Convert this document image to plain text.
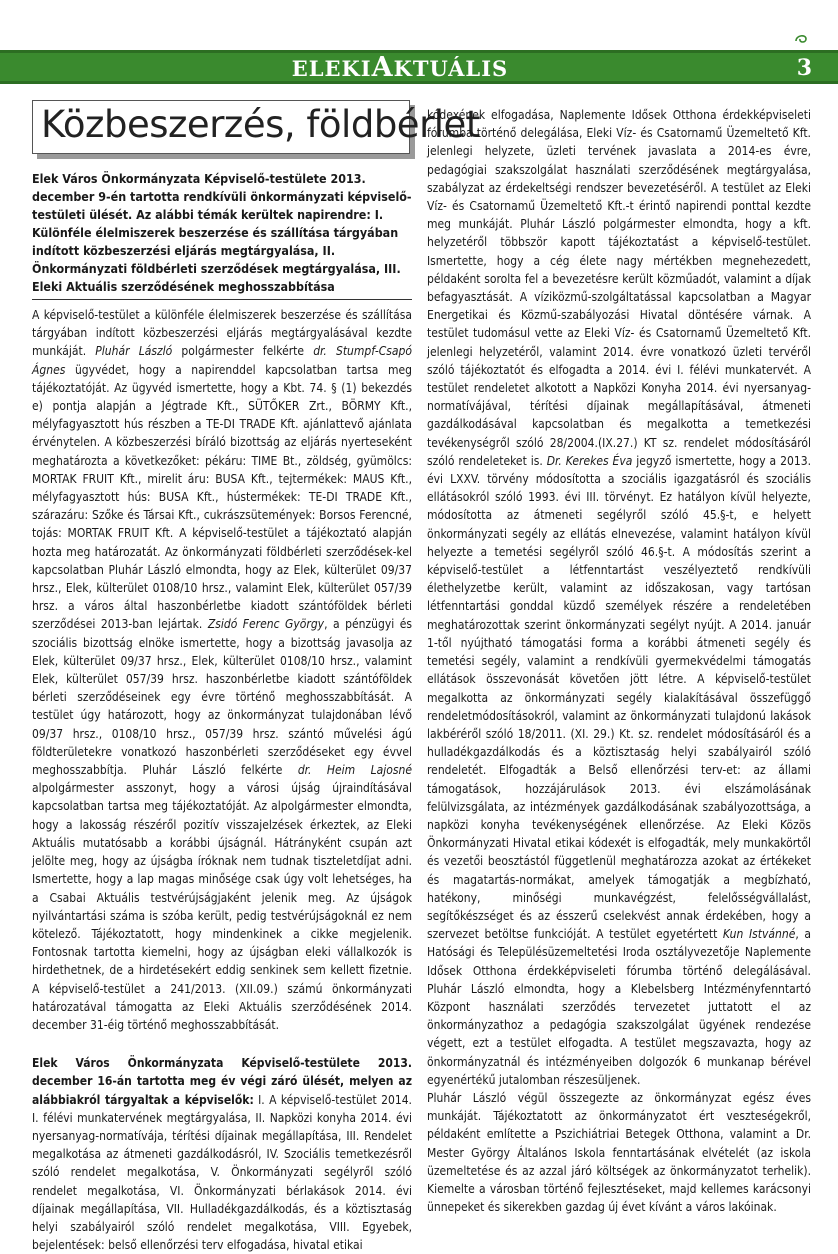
ELEKIAKTUÁLIS	3
Közbeszerzés, földbérlet

Elek Város Önkormányzata Képviselő-testülete 2013. december 9-én tartotta rendkívüli önkormányzati képviselő-testületi ülését. Az alábbi témák kerültek napirendre: I. Különféle élelmiszerek beszerzése és szállítása tárgyában indított közbeszerzési eljárás megtárgyalása, II. Önkormányzati földbérleti szerződések megtárgyalása, III. Eleki Aktuális szerződésének meghosszabbítása

A képviselő-testület a különféle élelmiszerek beszerzése és szállítása tárgyában indított közbeszerzési eljárás megtárgyalásával kezdte munkáját. Pluhár László polgármester felkérte dr. Stumpf-Csapó Ágnes ügyvédet, hogy a napirenddel kapcsolatban tartsa meg tájékoztatóját. Az ügyvéd ismertette, hogy a Kbt. 74. § (1) bekezdés e) pontja alapján a Jégtrade Kft., SÜTŐKER Zrt., BÖRMY Kft., mélyfagyasztott hús részben a TE-DI TRADE Kft. ajánlattevő ajánlata érvénytelen. A közbeszerzési bíráló bizottság az eljárás nyerteseként meghatározta a következőket: pékáru: TIME Bt., zöldség, gyümölcs: MORTAK FRUIT Kft., mirelit áru: BUSA Kft., tejtermékek: MAUS Kft., mélyfagyasztott hús: BUSA Kft., hústermékek: TE-DI TRADE Kft., szárazáru: Szőke és Társai Kft., cukrászsütemények: Borsos Ferencné, tojás: MORTAK FRUIT Kft. A képviselő-testület a tájékoztató alapján hozta meg határozatát. Az önkormányzati földbérleti szerződések-kel kapcsolatban Pluhár László elmondta, hogy az Elek, külterület 09/37 hrsz., Elek, külterület 0108/10 hrsz., valamint Elek, külterület 057/39 hrsz. a város által haszonbérletbe kiadott szántóföldek bérleti szerződései 2013-ban lejártak. Zsidó Ferenc György, a pénzügyi és szociális bizottság elnöke ismertette, hogy a bizottság javasolja az Elek, külterület 09/37 hrsz., Elek, külterület 0108/10 hrsz., valamint Elek, külterület 057/39 hrsz. haszonbérletbe kiadott szántóföldek bérleti szerződéseinek egy évre történő meghosszabbítását. A testület úgy határozott, hogy az önkormányzat tulajdonában lévő 09/37 hrsz., 0108/10 hrsz., 057/39 hrsz. szántó művelési ágú földterületekre vonatkozó haszonbérleti szerződéseket egy évvel meghosszabbítja. Pluhár László felkérte dr. Heim Lajosné alpolgármester asszonyt, hogy a városi újság újraindításával kapcsolatban tartsa meg tájékoztatóját. Az alpolgármester elmondta, hogy a lakosság részéről pozitív visszajelzések érkeztek, az Eleki Aktuális mutatósabb a korábbi újságnál. Hátrányként csupán azt jelölte meg, hogy az újságba íróknak nem tudnak tiszteletdíjat adni. Ismertette, hogy a lap magas minősége csak úgy volt lehetséges, ha a Csabai Aktuális testvérújságjaként jelenik meg. Az újságok nyilvántartási száma is szóba került, pedig testvérújságoknál ez nem kötelező. Tájékoztatott, hogy mindenkinek a cikke megjelenik. Fontosnak tartotta kiemelni, hogy az újságban eleki vállalkozók is hirdethetnek, de a hirdetésekért eddig senkinek sem kellett fizetnie. A képviselő-testület a 241/2013. (XII.09.) számú önkormányzati határozatával támogatta az Eleki Aktuális szerződésének 2014. december 31-éig történő meghosszabbítását.

Elek Város Önkormányzata Képviselő-testülete 2013. december 16-án tartotta meg év végi záró ülését, melyen az alábbiakról tárgyaltak a képviselők: I. A képviselő-testület 2014. I. félévi munkatervének megtárgyalása, II. Napközi konyha 2014. évi nyersanyag-normatívája, térítési díjainak megállapítása, III. Rendelet megalkotása az átmeneti gazdálkodásról, IV. Szociális temetkezésről szóló rendelet megalkotása, V. Önkormányzati segélyről szóló rendelet megalkotása, VI. Önkormányzati bérlakások 2014. évi díjainak megállapítása, VII. Hulladékgazdálkodás, és a köztisztaság helyi szabályairól szóló rendelet megalkotása, VIII. Egyebek, bejelentések: belső ellenőrzési terv elfogadása, hivatal etikai

kódexének elfogadása, Naplemente Idősek Otthona érdekképviseleti fórumba történő delegálása, Eleki Víz- és Csatornamű Üzemeltető Kft. jelenlegi helyzete, üzleti tervének javaslata a 2014-es évre, pedagógiai szakszolgálat használati szerződésének megtárgyalása, szabályzat az érdekeltségi rendszer bevezetéséről. A testület az Eleki Víz- és Csatornamű Üzemeltető Kft.-t érintő napirendi ponttal kezdte meg munkáját. Pluhár László polgármester elmondta, hogy a kft. helyzetéről többször kapott tájékoztatást a képviselő-testület. Ismertette, hogy a cég élete nagy mértékben megnehezedett, példaként sorolta fel a bevezetésre került közműadót, valamint a díjak befagyasztását. A víziközmű-szolgáltatással kapcsolatban a Magyar Energetikai és Közmű-szabályozási Hivatal döntésére várnak. A testület tudomásul vette az Eleki Víz- és Csatornamű Üzemeltető Kft. jelenlegi helyzetéről, valamint 2014. évre vonatkozó üzleti tervéről szóló tájékoztatót és elfogadta a 2014. évi I. félévi munkatervét. A testület rendeletet alkotott a Napközi Konyha 2014. évi nyersanyag-normatívájával, térítési díjainak megállapításával, átmeneti gazdálkodásával kapcsolatban és megalkotta a temetkezési tevékenységről szóló 28/2004.(IX.27.) KT sz. rendelet módosításáról szóló rendeleteket is. Dr. Kerekes Éva jegyző ismertette, hogy a 2013. évi LXXV. törvény módosította a szociális igazgatásról és szociális ellátásokról szóló 1993. évi III. törvényt. Ez hatályon kívül helyezte, módosította az átmeneti segélyről szóló 45.§-t, e helyett önkormányzati segély az ellátás elnevezése, valamint hatályon kívül helyezte a temetési segélyről szóló 46.§-t. A módosítás szerint a képviselő-testület a létfenntartást veszélyeztető rendkívüli élethelyzetbe került, valamint az időszakosan, vagy tartósan létfenntartási gonddal küzdő személyek részére a rendeletében meghatározottak szerint önkormányzati segélyt nyújt. A 2014. január 1-től nyújtható támogatási forma a korábbi átmeneti segély és temetési segély, valamint a rendkívüli gyermekvédelmi támogatás ellátások összevonását követően jött létre. A képviselő-testület megalkotta az önkormányzati segély kialakításával összefüggő rendeletmódosításokról, valamint az önkormányzati tulajdonú lakások lakbéréről szóló 18/2011. (XI. 29.) Kt. sz. rendelet módosításáról és a hulladékgazdálkodás és a köztisztaság helyi szabályairól szóló rendeletét. Elfogadták a Belső ellenőrzési terv-et: az állami támogatások, hozzájárulások 2013. évi elszámolásának felülvizsgálata, az intézmények gazdálkodásának szabályozottsága, a napközi konyha tevékenységének ellenőrzése. Az Eleki Közös Önkormányzati Hivatal etikai kódexét is elfogadták, mely munkakörtől és vezetői beosztástól függetlenül meghatározza azokat az értékeket és magatartás-normákat, amelyek támogatják a megbízható, hatékony, minőségi munkavégzést, felelősségvállalást, segítőkészséget és az ésszerű cselekvést annak érdekében, hogy a szervezet betöltse funkcióját. A testület egyetértett Kun Istvánné, a Hatósági és Településüzemeltetési Iroda osztályvezetője Naplemente Idősek Otthona érdekképviseleti fórumba történő delegálásával. Pluhár László elmondta, hogy a Klebelsberg Intézményfenntartó Központ használati szerződés tervezetet juttatott el az önkormányzathoz a pedagógia szakszolgálat ügyének rendezése végett, ezt a testület elfogadta. A testület megszavazta, hogy az önkormányzatnál és intézményeiben dolgozók 6 munkanap bérével egyenértékű jutalomban részesüljenek.

Pluhár László végül összegezte az önkormányzat egész éves munkáját. Tájékoztatott az önkormányzatot ért veszteségekről, példaként említette a Pszichiátriai Betegek Otthona, valamint a Dr. Mester György Általános Iskola fenntartásának elvételét (az iskola üzemeltetése és az azzal járó költségek az önkormányzatot terhelik). Kiemelte a városban történő fejlesztéseket, majd kellemes karácsonyi ünnepeket és sikerekben gazdag új évet kívánt a város lakóinak.
